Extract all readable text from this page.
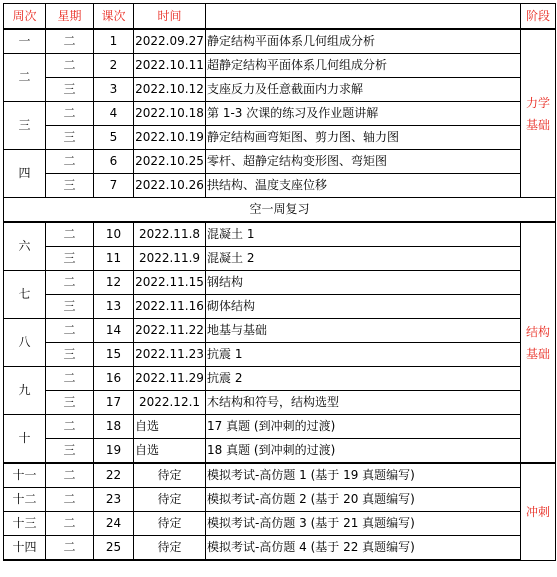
周次	星期	课次	时间		阶段
一	二	1	2022.09.27	静定结构平面体系几何组成分析	力学
基础
二	二	2	2022.10.11	超静定结构平面体系几何组成分析	
	三	3	2022.10.12	支座反力及任意截面内力求解	
三	二	4	2022.10.18	第 1-3 次课的练习及作业题讲解	
	三	5	2022.10.19	静定结构画弯矩图、剪力图、轴力图	
四	二	6	2022.10.25	零杆、超静定结构变形图、弯矩图	
	三	7	2022.10.26	拱结构、温度支座位移	
空一周复习					
六	二	10	2022.11.8	混凝土 1	结构
基础
	三	11	2022.11.9	混凝土 2	
七	二	12	2022.11.15	钢结构	
	三	13	2022.11.16	砌体结构	
八	二	14	2022.11.22	地基与基础	
	三	15	2022.11.23	抗震 1	
九	二	16	2022.11.29	抗震 2	
	三	17	2022.12.1	木结构和符号，结构选型	
十	二	18	自选	17 真题 (到冲刺的过渡)	
	三	19	自选	18 真题 (到冲刺的过渡)	
十一	二	22	待定	模拟考试-高仿题 1 (基于 19 真题编写)	冲刺
十二	二	23	待定	模拟考试-高仿题 2 (基于 20 真题编写)	
十三	二	24	待定	模拟考试-高仿题 3 (基于 21 真题编写)	
十四	二	25	待定	模拟考试-高仿题 4 (基于 22 真题编写)	
